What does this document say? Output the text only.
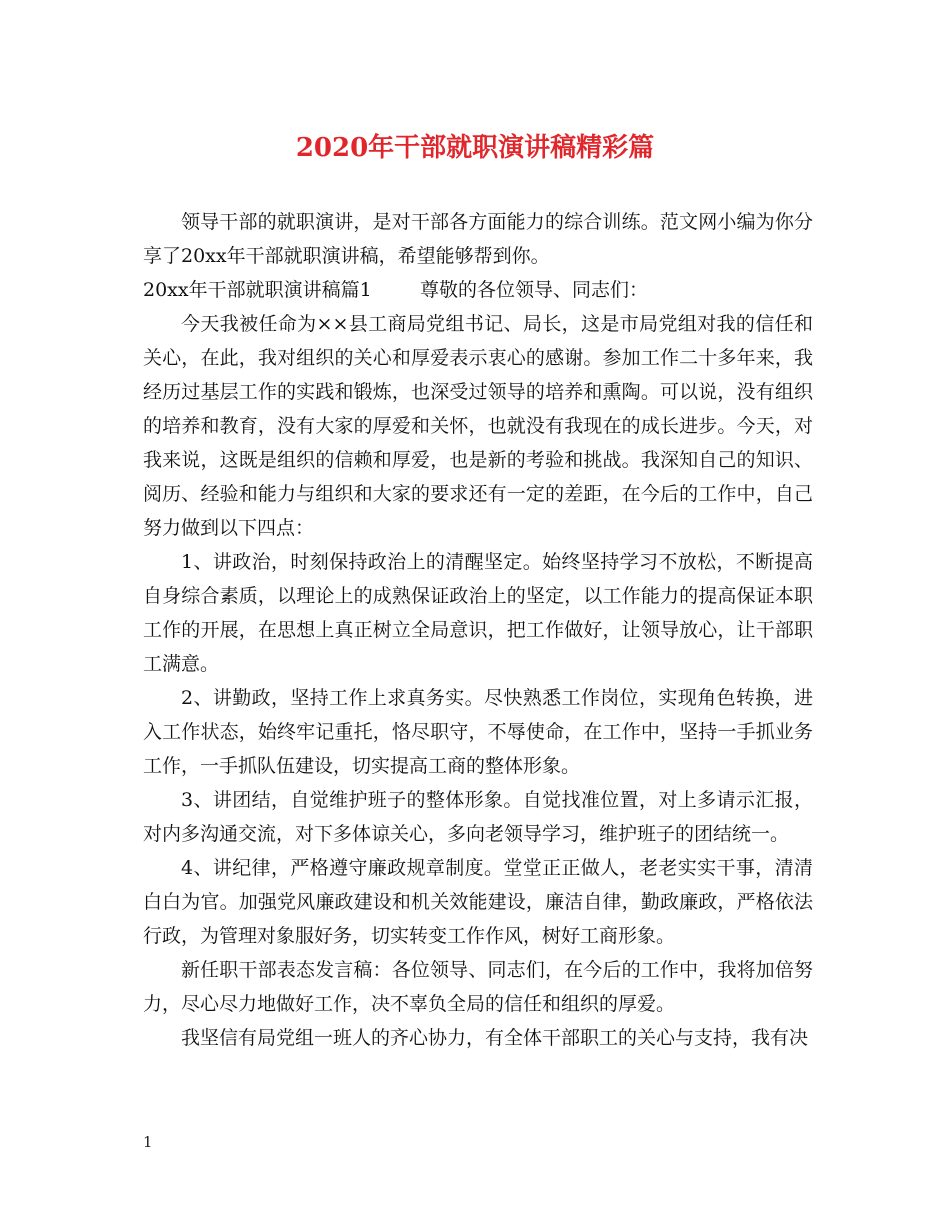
2020年干部就职演讲稿精彩篇

领导干部的就职演讲，是对干部各方面能力的综合训练。范文网小编为你分享了20xx年干部就职演讲稿，希望能够帮到你。

20xx年干部就职演讲稿篇1        尊敬的各位领导、同志们：

今天我被任命为××县工商局党组书记、局长，这是市局党组对我的信任和关心，在此，我对组织的关心和厚爱表示衷心的感谢。参加工作二十多年来，我经历过基层工作的实践和锻炼，也深受过领导的培养和熏陶。可以说，没有组织的培养和教育，没有大家的厚爱和关怀，也就没有我现在的成长进步。今天，对我来说，这既是组织的信赖和厚爱，也是新的考验和挑战。我深知自己的知识、阅历、经验和能力与组织和大家的要求还有一定的差距，在今后的工作中，自己努力做到以下四点：

1、讲政治，时刻保持政治上的清醒坚定。始终坚持学习不放松，不断提高自身综合素质，以理论上的成熟保证政治上的坚定，以工作能力的提高保证本职工作的开展，在思想上真正树立全局意识，把工作做好，让领导放心，让干部职工满意。

2、讲勤政，坚持工作上求真务实。尽快熟悉工作岗位，实现角色转换，进入工作状态，始终牢记重托，恪尽职守，不辱使命，在工作中，坚持一手抓业务工作，一手抓队伍建设，切实提高工商的整体形象。

3、讲团结，自觉维护班子的整体形象。自觉找准位置，对上多请示汇报，对内多沟通交流，对下多体谅关心，多向老领导学习，维护班子的团结统一。

4、讲纪律，严格遵守廉政规章制度。堂堂正正做人，老老实实干事，清清白白为官。加强党风廉政建设和机关效能建设，廉洁自律，勤政廉政，严格依法行政，为管理对象服好务，切实转变工作作风，树好工商形象。

新任职干部表态发言稿：各位领导、同志们，在今后的工作中，我将加倍努力，尽心尽力地做好工作，决不辜负全局的信任和组织的厚爱。

我坚信有局党组一班人的齐心协力，有全体干部职工的关心与支持，我有决

1
